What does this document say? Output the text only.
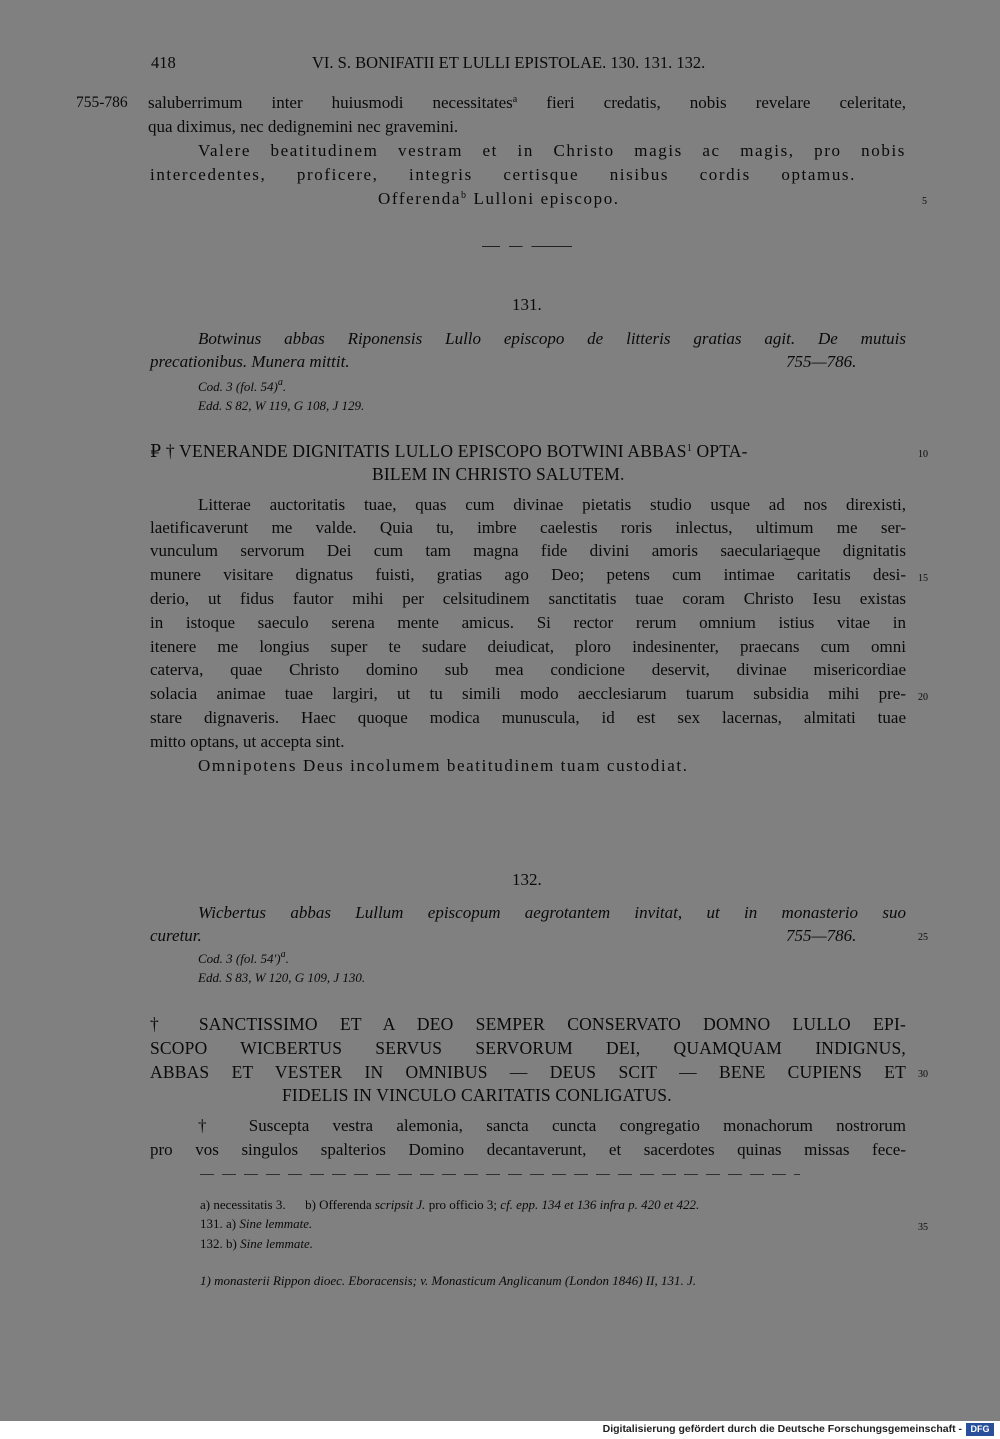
418	VI. S. BONIFATII ET LULLI EPISTOLAE. 130. 131. 132.
755-786 saluberrimum inter huiusmodi necessitates$^a$ fieri credatis, nobis revelare celeritate,
qua diximus, nec dedignemini nec gravemini.
Valere beatitudinem vestram et in Christo magis ac magis, pro nobis
intercedentes, proficere, integris certisque nisibus cordis optamus.
Offerenda$^b$ Lulloni episcopo.	5
131.
Botwinus abbas Riponensis Lullo episcopo de litteris gratias agit. De mutuis
precationibus. Munera mittit.	755—786.
Cod. 3 (fol. 54)$^a$.
Edd. S 82, W 119, G 108, J 129.
₽ † VENERANDE DIGNITATIS LULLO EPISCOPO BOTWINI ABBAS$^1$ OPTA-	10
BILEM IN CHRISTO SALUTEM.
Litterae auctoritatis tuae, quas cum divinae pietatis studio usque ad nos direxisti,
laetificaverunt me valde. Quia tu, imbre caelestis roris inlectus, ultimum me ser-
vunculum servorum Dei cum tam magna fide divini amoris saecularia͜eque dignitatis
munere visitare dignatus fuisti, gratias ago Deo; petens cum intimae caritatis desi- 15
derio, ut fidus fautor mihi per celsitudinem sanctitatis tuae coram Christo Iesu existas
in istoque saeculo serena mente amicus. Si rector rerum omnium istius vitae in
itenere me longius super te sudare deiudicat, ploro indesinenter, praecans cum omni
caterva, quae Christo domino sub mea condicione deservit, divinae misericordiae
solacia animae tuae largiri, ut tu simili modo aecclesiarum tuarum subsidia mihi pre- 20
stare dignaveris. Haec quoque modica munuscula, id est sex lacernas, almitati tuae
mitto optans, ut accepta sint.
Omnipotens Deus incolumem beatitudinem tuam custodiat.
132.
Wicbertus abbas Lullum episcopum aegrotantem invitat, ut in monasterio suo
curetur.	755—786.	25
Cod. 3 (fol. 54')$^a$.
Edd. S 83, W 120, G 109, J 130.
† SANCTISSIMO ET A DEO SEMPER CONSERVATO DOMNO LULLO EPI-
SCOPO WICBERTUS SERVUS SERVORUM DEI, QUAMQUAM INDIGNUS,
ABBAS ET VESTER IN OMNIBUS — DEUS SCIT — BENE CUPIENS ET 30
FIDELIS IN VINCULO CARITATIS CONLIGATUS.
† Suscepta vestra alemonia, sancta cuncta congregatio monachorum nostrorum
pro vos singulos spalterios Domino decantaverunt, et sacerdotes quinas missas fece-
a) necessitatis 3. b) Offerenda scripsit J. pro officio 3; cf. epp. 134 et 136 infra p. 420 et 422.
131. a) Sine lemmate.	35
132. b) Sine lemmate.
1) monasterii Rippon dioec. Eboracensis; v. Monasticum Anglicanum (London 1846) II, 131. J.
Digitalisierung gefördert durch die Deutsche Forschungsgemeinschaft - DFG
